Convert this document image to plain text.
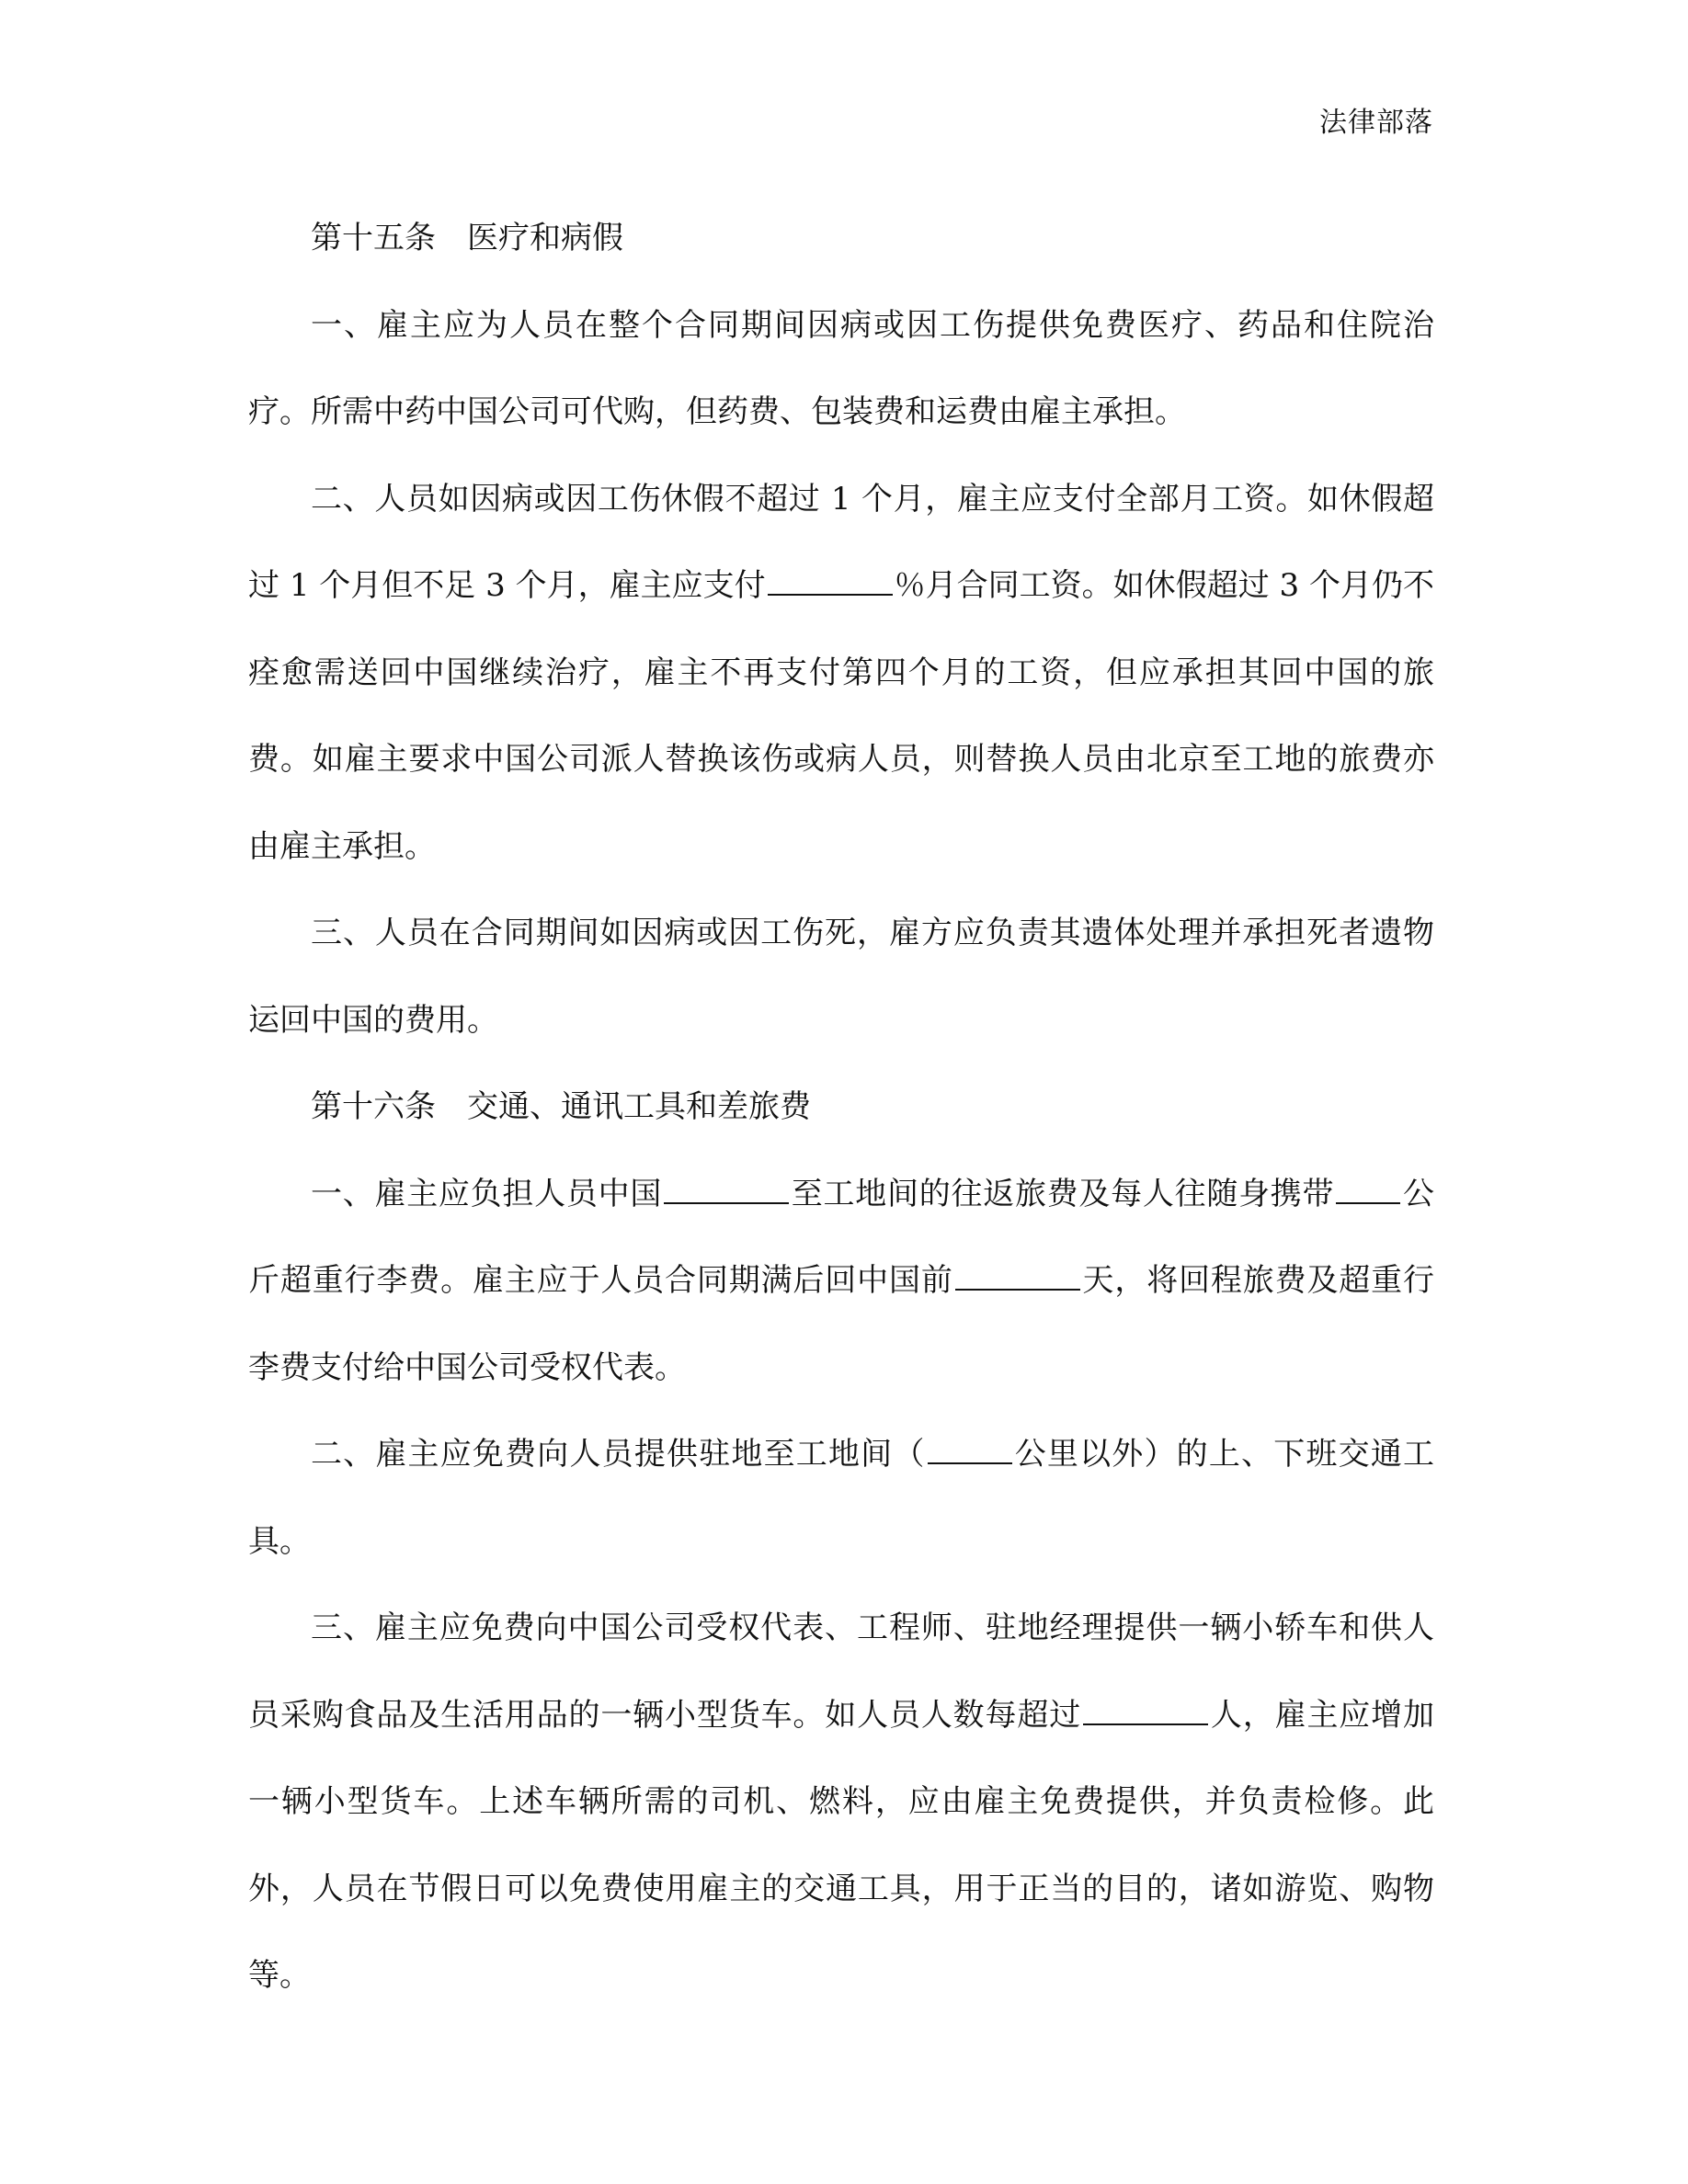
法律部落

第十五条　医疗和病假

一、雇主应为人员在整个合同期间因病或因工伤提供免费医疗、药品和住院治疗。所需中药中国公司可代购，但药费、包装费和运费由雇主承担。

二、人员如因病或因工伤休假不超过 1 个月，雇主应支付全部月工资。如休假超过 1 个月但不足 3 个月，雇主应支付	％月合同工资。如休假超过 3 个月仍不痊愈需送回中国继续治疗，雇主不再支付第四个月的工资，但应承担其回中国的旅费。如雇主要求中国公司派人替换该伤或病人员，则替换人员由北京至工地的旅费亦由雇主承担。

三、人员在合同期间如因病或因工伤死，雇方应负责其遗体处理并承担死者遗物运回中国的费用。

第十六条　交通、通讯工具和差旅费

一、雇主应负担人员中国	至工地间的往返旅费及每人往随身携带 公斤超重行李费。雇主应于人员合同期满后回中国前	天，将回程旅费及超重行李费支付给中国公司受权代表。

二、雇主应免费向人员提供驻地至工地间（	公里以外）的上、下班交通工具。

三、雇主应免费向中国公司受权代表、工程师、驻地经理提供一辆小轿车和供人员采购食品及生活用品的一辆小型货车。如人员人数每超过	人，雇主应增加一辆小型货车。上述车辆所需的司机、燃料，应由雇主免费提供，并负责检修。此外，人员在节假日可以免费使用雇主的交通工具，用于正当的目的，诸如游览、购物等。
